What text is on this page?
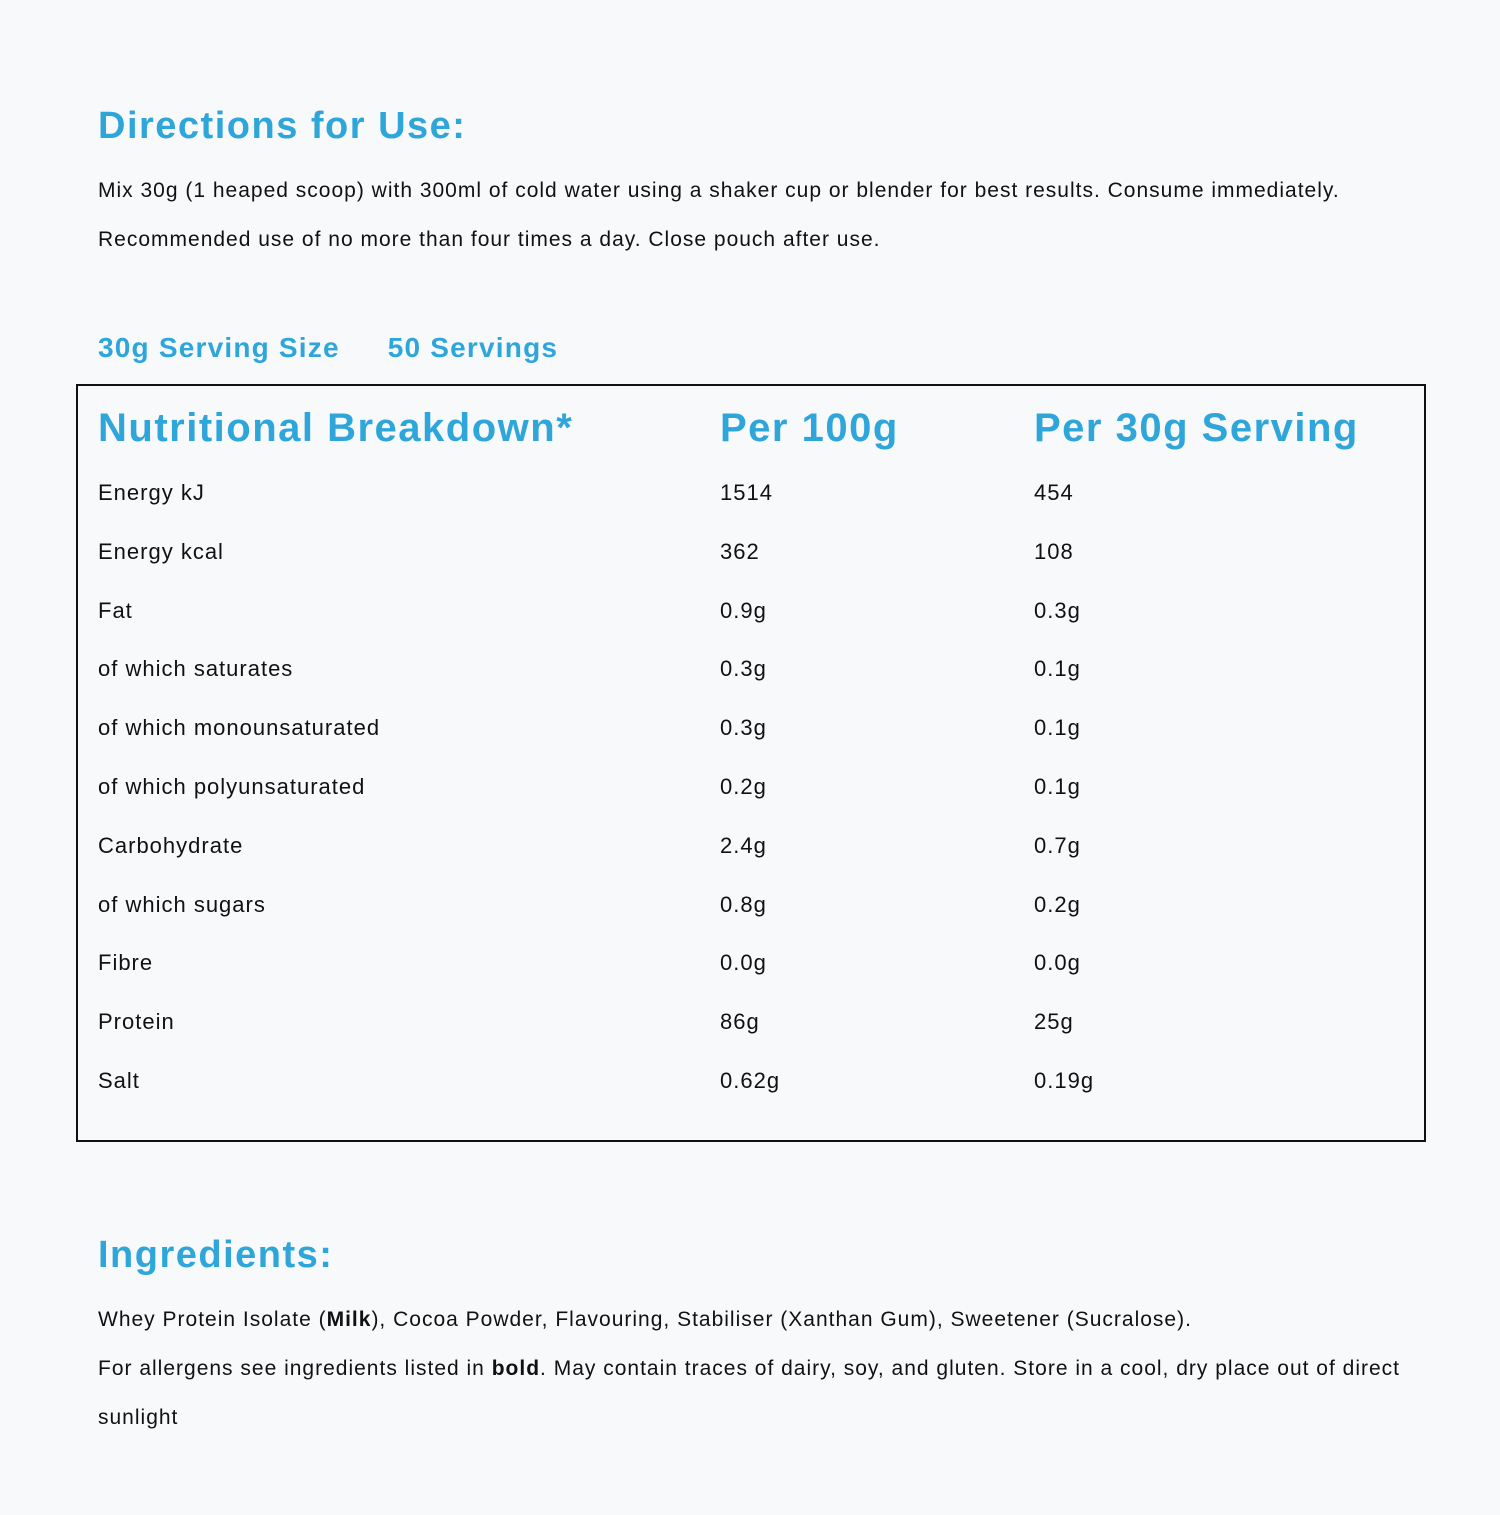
Directions for Use:

Mix 30g (1 heaped scoop) with 300ml of cold water using a shaker cup or blender for best results. Consume immediately. Recommended use of no more than four times a day. Close pouch after use.

30g Serving Size 50 Servings
Nutritional Breakdown*	Per 100g	Per 30g Serving
Energy kJ	1514	454
Energy kcal	362	108
Fat	0.9g	0.3g
of which saturates	0.3g	0.1g
of which monounsaturated	0.3g	0.1g
of which polyunsaturated	0.2g	0.1g
Carbohydrate	2.4g	0.7g
of which sugars	0.8g	0.2g
Fibre	0.0g	0.0g
Protein	86g	25g
Salt	0.62g	0.19g
Ingredients:
Whey Protein Isolate (Milk), Cocoa Powder, Flavouring, Stabiliser (Xanthan Gum), Sweetener (Sucralose).
For allergens see ingredients listed in bold. May contain traces of dairy, soy, and gluten. Store in a cool, dry place out of direct sunlight
